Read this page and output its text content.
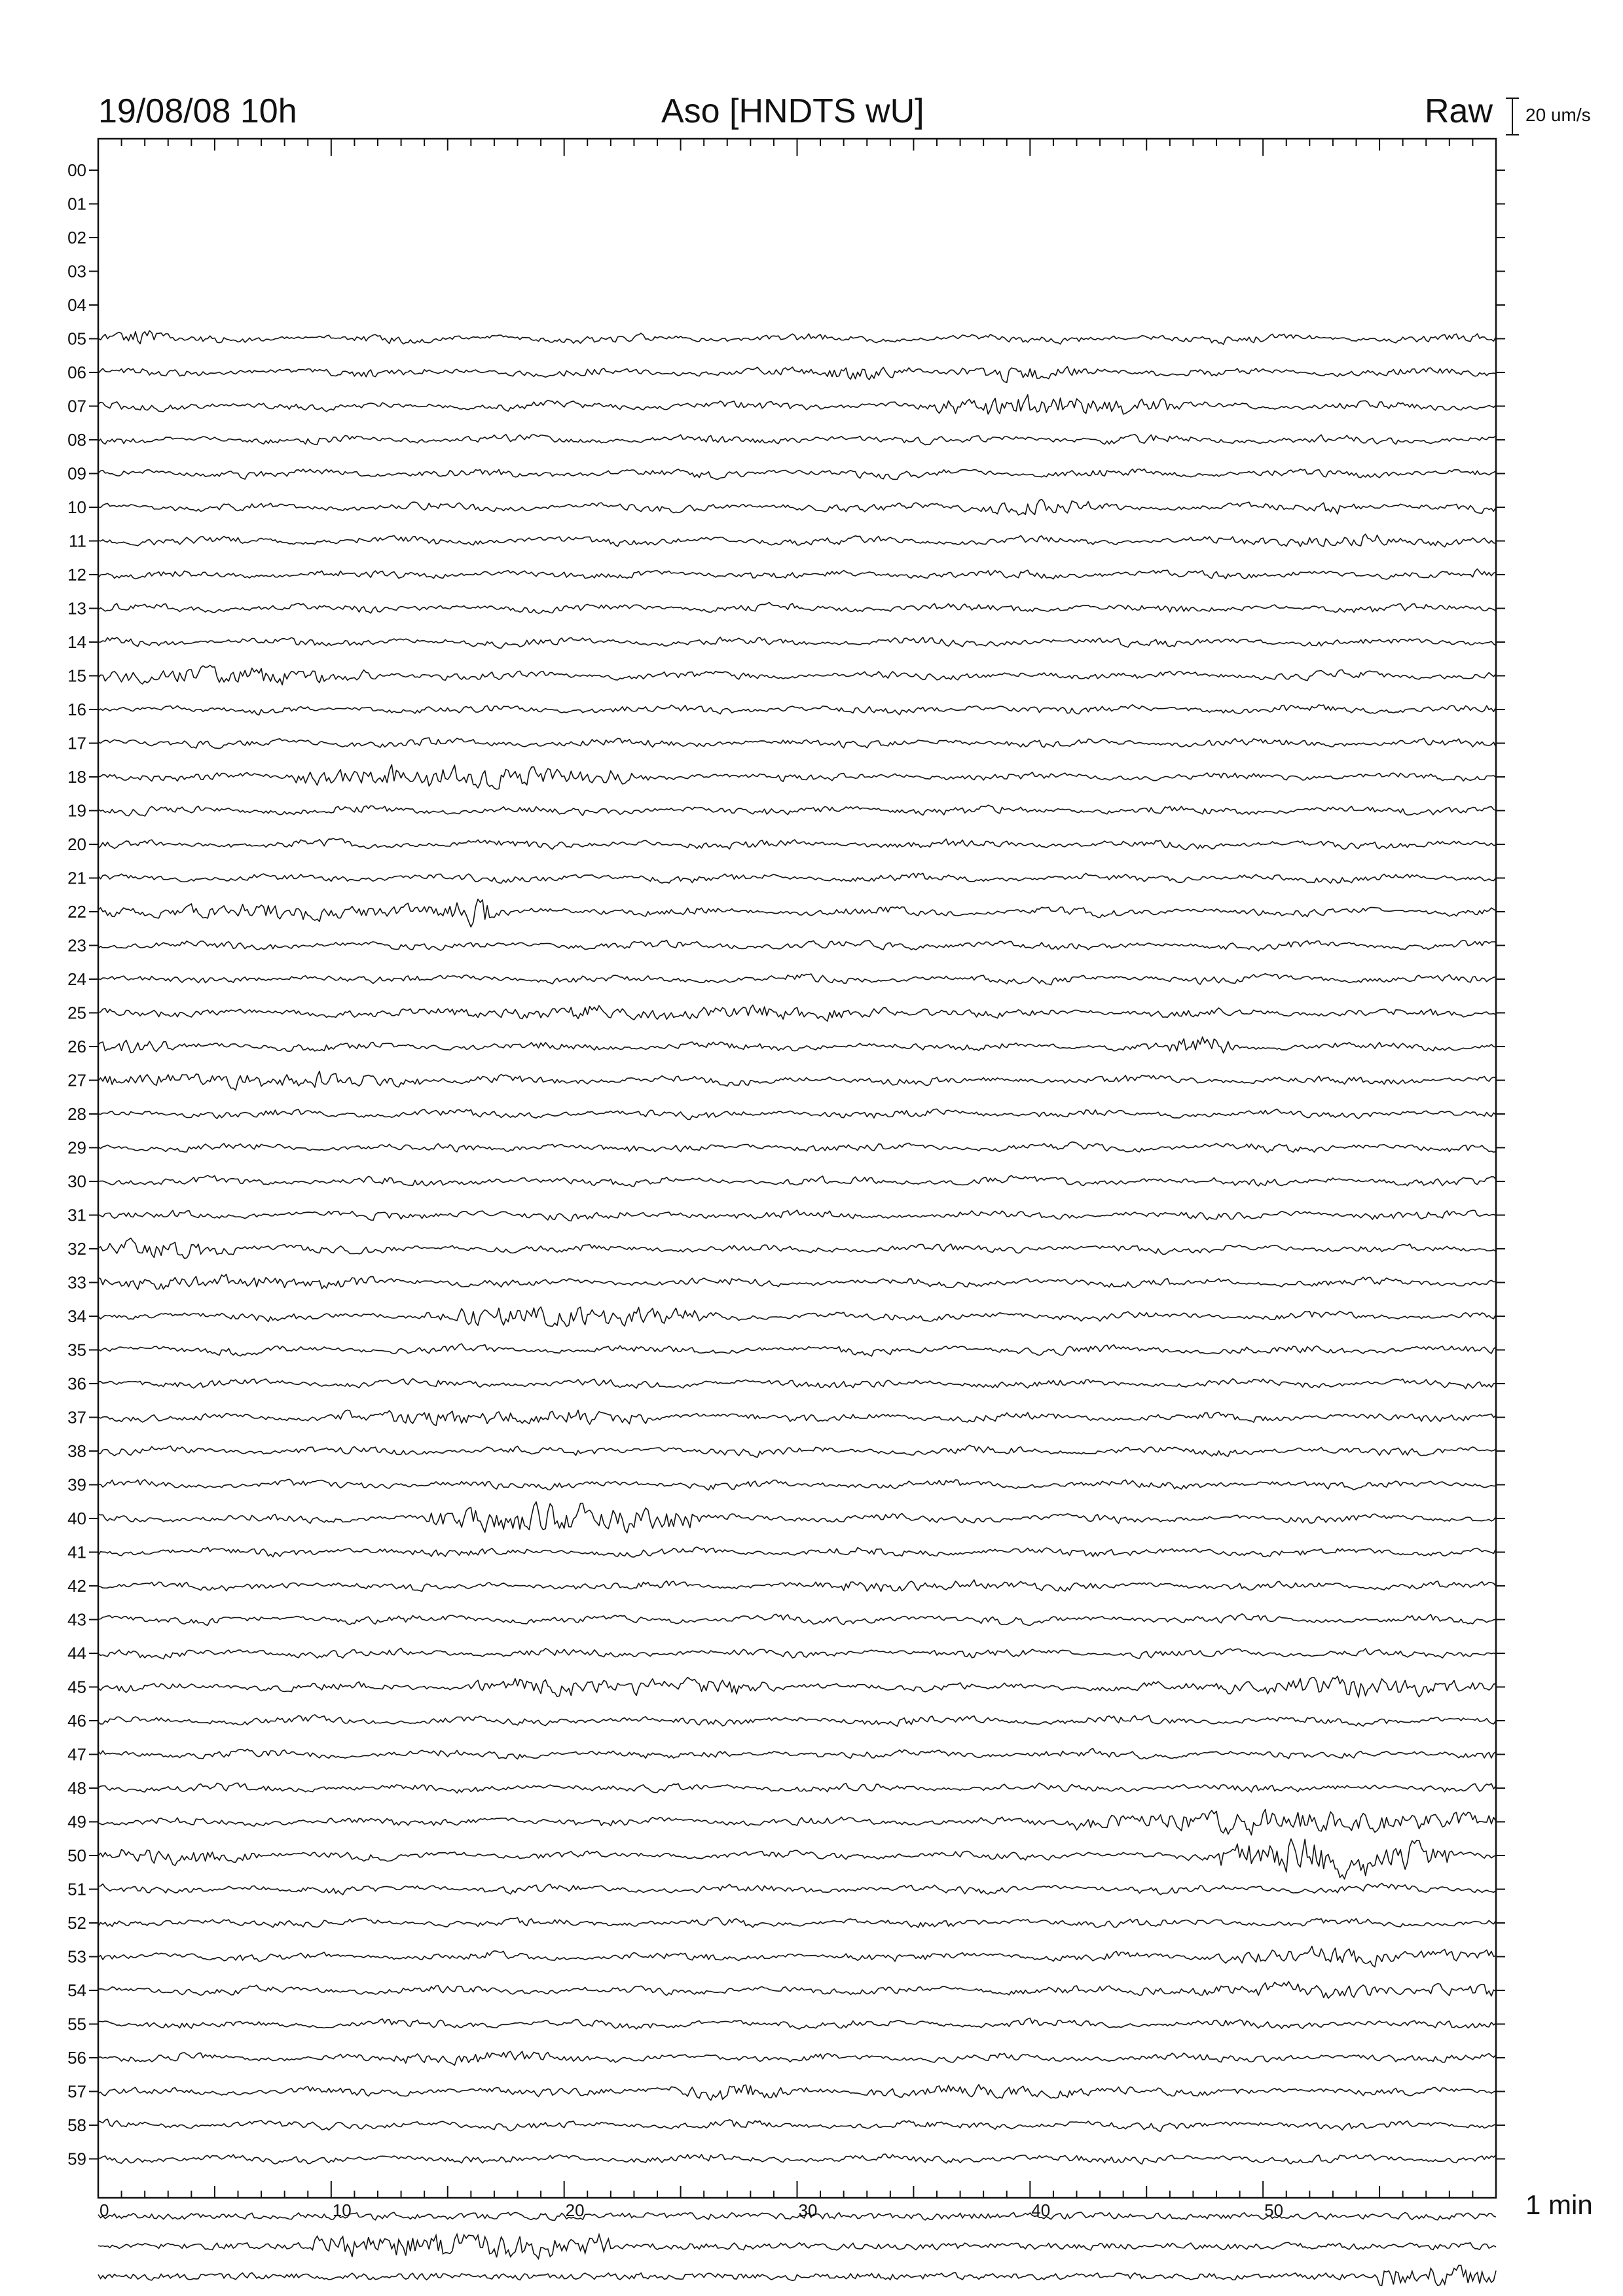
19/08/08 10h	Aso [HNDTS wU]	Raw 20 um/s
1 min
0	10	20	30	40	50
00
01
02
03
04
05
06
07
08
09
10
11
12
13
14
15
16
17
18
19
20
21
22
23
24
25
26
27
28
29
30
31
32
33
34
35
36
37
38
39
40
41
42
43
44
45
46
47
48
49
50
51
52
53
54
55
56
57
58
59
